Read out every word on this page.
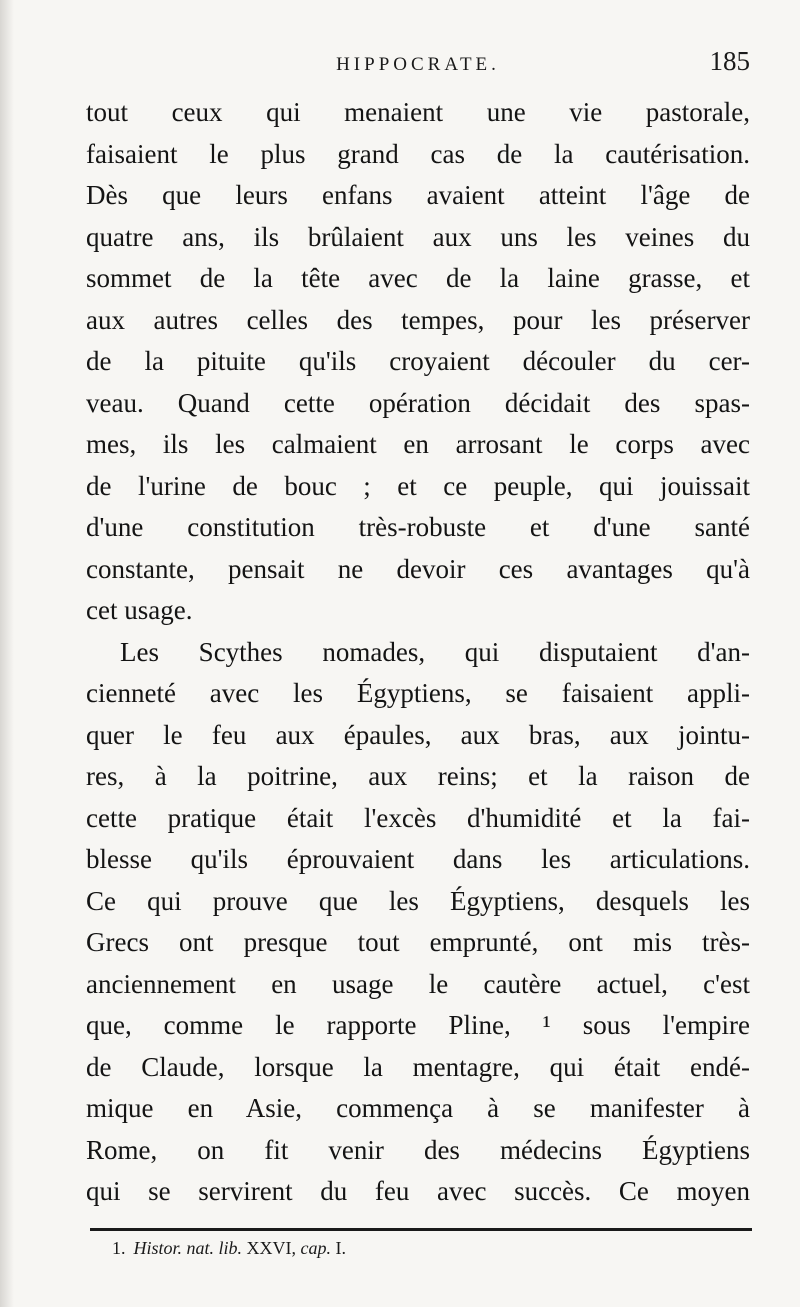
HIPPOCRATE.	185
tout ceux qui menaient une vie pastorale,
faisaient le plus grand cas de la cautérisation.
Dès que leurs enfans avaient atteint l'âge de
quatre ans, ils brûlaient aux uns les veines du
sommet de la tête avec de la laine grasse, et
aux autres celles des tempes, pour les préserver
de la pituite qu'ils croyaient découler du cer-
veau. Quand cette opération décidait des spas-
mes, ils les calmaient en arrosant le corps avec
de l'urine de bouc ; et ce peuple, qui jouissait
d'une constitution très-robuste et d'une santé
constante, pensait ne devoir ces avantages qu'à
cet usage.
Les Scythes nomades, qui disputaient d'an-
cienneté avec les Égyptiens, se faisaient appli-
quer le feu aux épaules, aux bras, aux jointu-
res, à la poitrine, aux reins; et la raison de
cette pratique était l'excès d'humidité et la fai-
blesse qu'ils éprouvaient dans les articulations.
Ce qui prouve que les Égyptiens, desquels les
Grecs ont presque tout emprunté, ont mis très-
anciennement en usage le cautère actuel, c'est
que, comme le rapporte Pline, ¹ sous l'empire
de Claude, lorsque la mentagre, qui était endé-
mique en Asie, commença à se manifester à
Rome, on fit venir des médecins Égyptiens
qui se servirent du feu avec succès. Ce moyen
1. Histor. nat. lib. XXVI, cap. I.
